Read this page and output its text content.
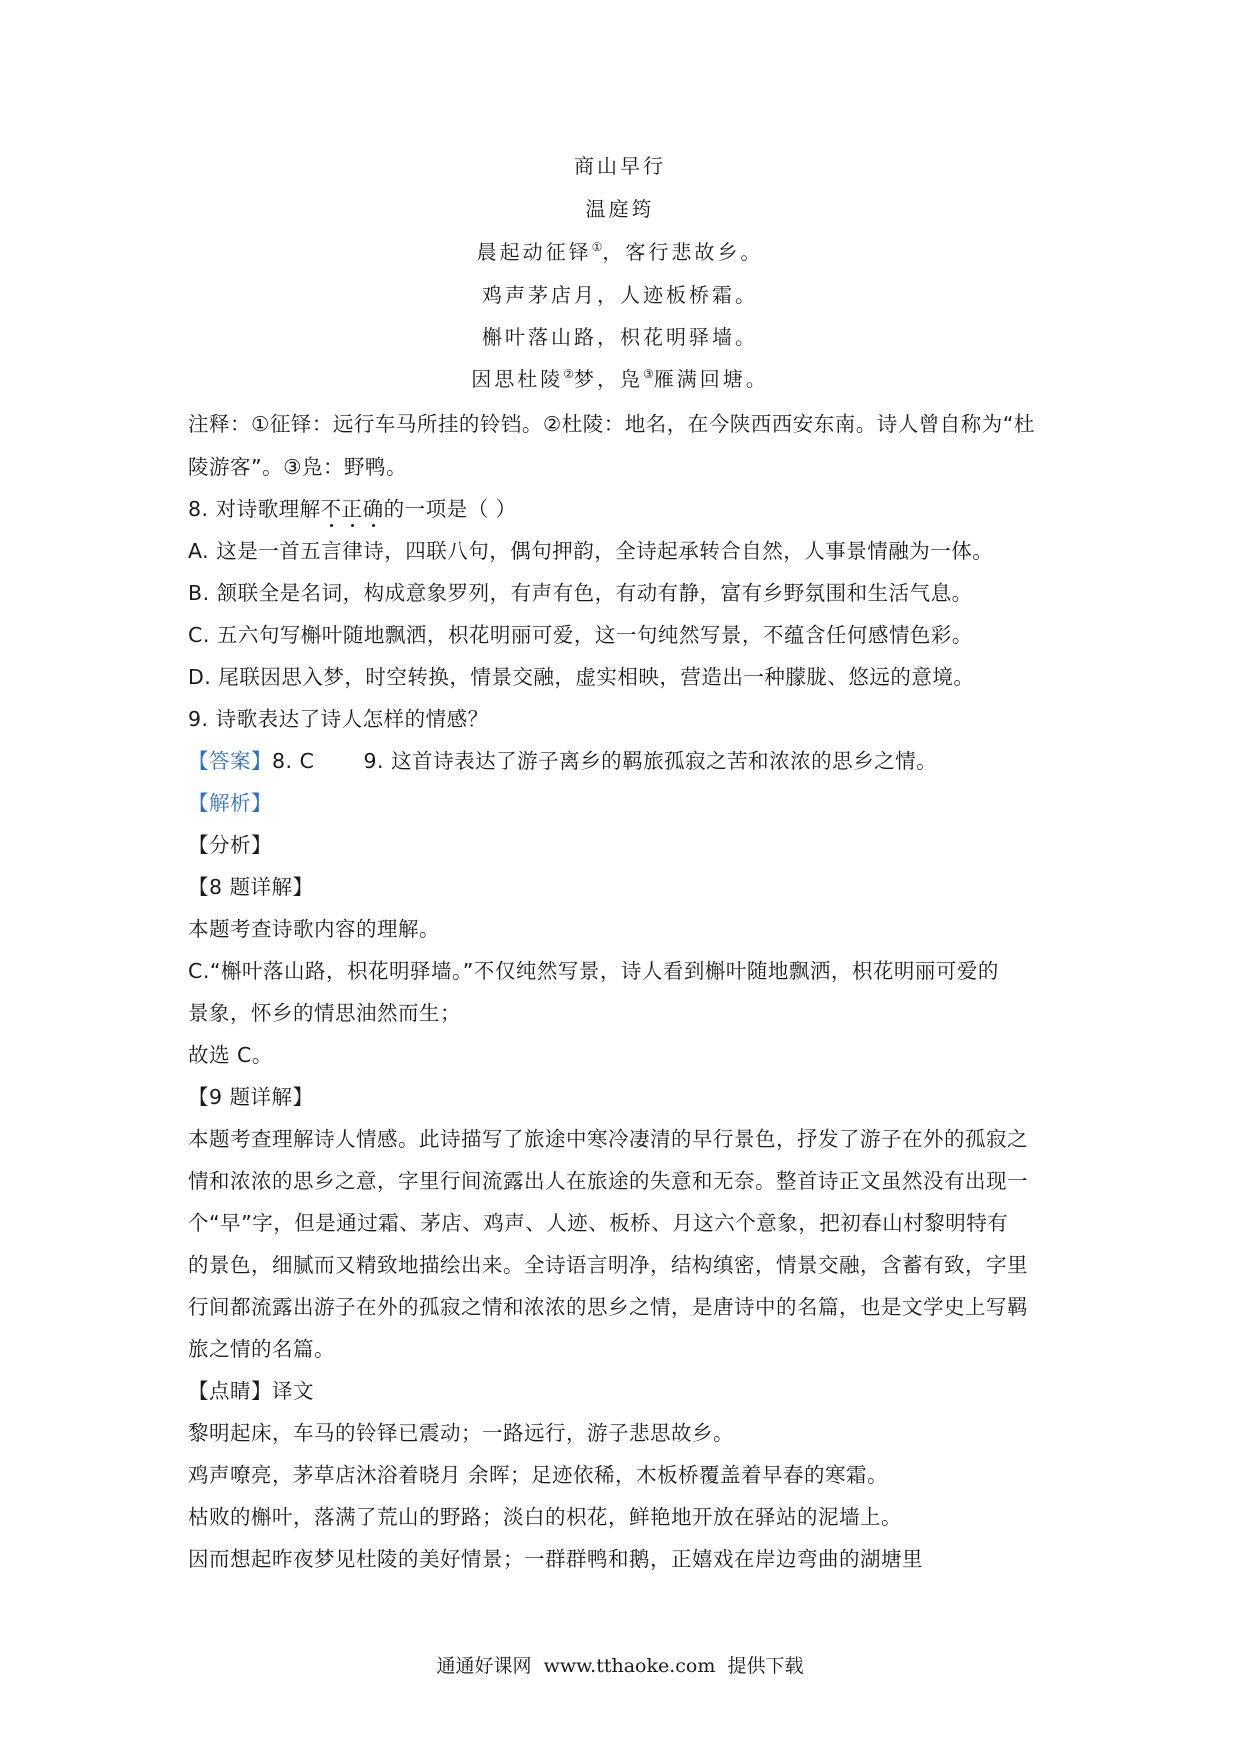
商山早行
温庭筠
晨起动征铎①，客行悲故乡。
鸡声茅店月，人迹板桥霜。
槲叶落山路，枳花明驿墙。
因思杜陵②梦，凫③雁满回塘。
注释：①征铎：远行车马所挂的铃铛。②杜陵：地名，在今陕西西安东南。诗人曾自称为“杜
陵游客”。③凫：野鸭。
8. 对诗歌理解不正确的一项是（ ）
A. 这是一首五言律诗，四联八句，偶句押韵，全诗起承转合自然，人事景情融为一体。
B. 颔联全是名词，构成意象罗列，有声有色，有动有静，富有乡野氛围和生活气息。
C. 五六句写槲叶随地飘洒，枳花明丽可爱，这一句纯然写景，不蕴含任何感情色彩。
D. 尾联因思入梦，时空转换，情景交融，虚实相映，营造出一种朦胧、悠远的意境。
9. 诗歌表达了诗人怎样的情感？
【答案】8. C       9. 这首诗表达了游子离乡的羁旅孤寂之苦和浓浓的思乡之情。
【解析】
【分析】
【8 题详解】
本题考查诗歌内容的理解。
C.“槲叶落山路，枳花明驿墙。”不仅纯然写景，诗人看到槲叶随地飘洒，枳花明丽可爱的
景象，怀乡的情思油然而生；
故选 C。
【9 题详解】
本题考查理解诗人情感。此诗描写了旅途中寒冷凄清的早行景色，抒发了游子在外的孤寂之
情和浓浓的思乡之意，字里行间流露出人在旅途的失意和无奈。整首诗正文虽然没有出现一
个“早”字，但是通过霜、茅店、鸡声、人迹、板桥、月这六个意象，把初春山村黎明特有
的景色，细腻而又精致地描绘出来。全诗语言明净，结构缜密，情景交融，含蓄有致，字里
行间都流露出游子在外的孤寂之情和浓浓的思乡之情，是唐诗中的名篇，也是文学史上写羁
旅之情的名篇。
【点睛】译文
黎明起床，车马的铃铎已震动；一路远行，游子悲思故乡。
鸡声嘹亮，茅草店沐浴着晓月 余晖；足迹依稀，木板桥覆盖着早春的寒霜。
枯败的槲叶，落满了荒山的野路；淡白的枳花，鲜艳地开放在驿站的泥墙上。
因而想起昨夜梦见杜陵的美好情景；一群群鸭和鹅，正嬉戏在岸边弯曲的湖塘里
通通好课网  www.tthaoke.com  提供下载
